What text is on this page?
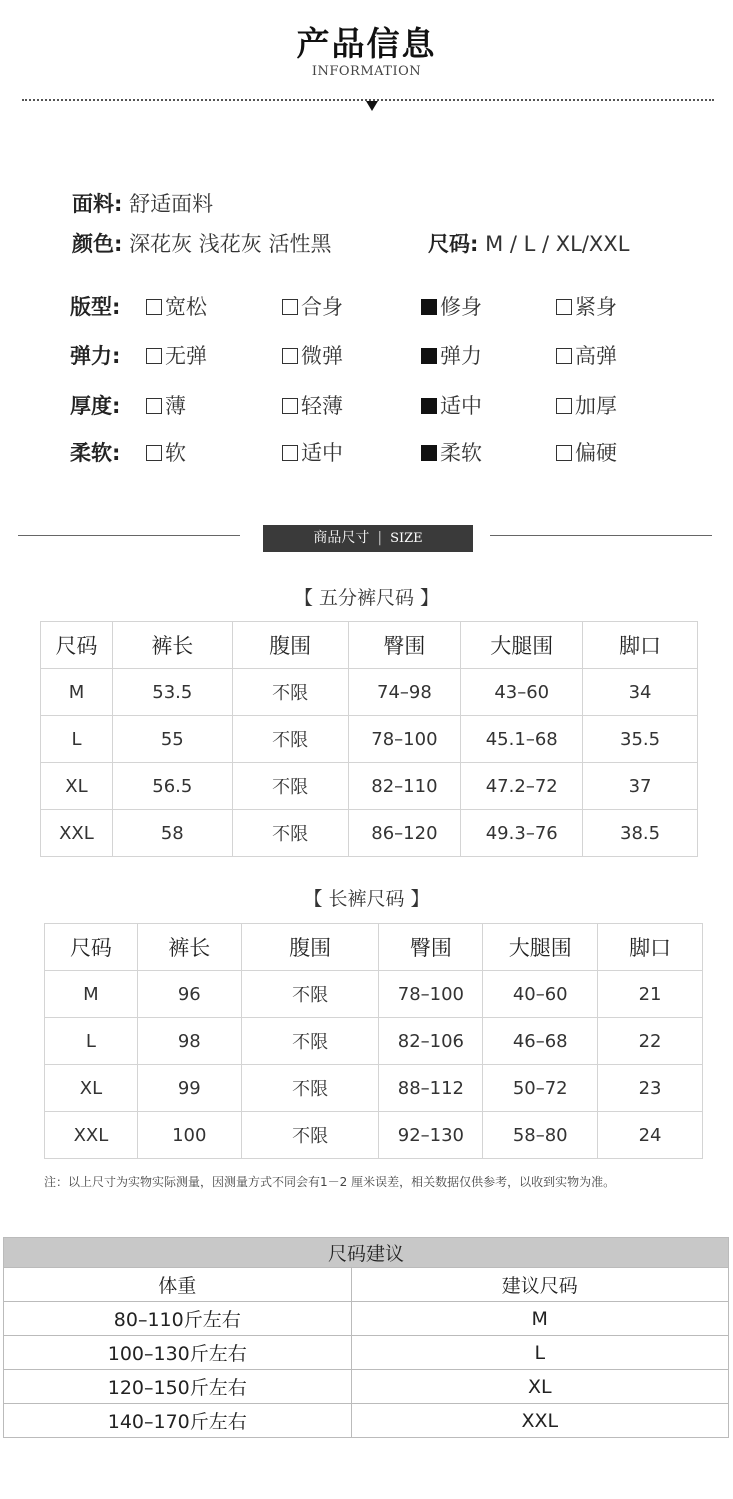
产品信息
INFORMATION
面料: 舒适面料
颜色: 深花灰 浅花灰 活性黑	尺码: M / L / XL/XXL
版型:	宽松	合身	修身	紧身
弹力:	无弹	微弹	弹力	高弹
厚度:	薄	轻薄	适中	加厚
柔软:	软	适中	柔软	偏硬
商品尺寸 | SIZE
【 五分裤尺码 】
尺码	裤长	腹围	臀围	大腿围	脚口
M	53.5	不限	74–98	43–60	34
L	55	不限	78–100	45.1–68	35.5
XL	56.5	不限	82–110	47.2–72	37
XXL	58	不限	86–120	49.3–76	38.5
【 长裤尺码 】
尺码	裤长	腹围	臀围	大腿围	脚口
M	96	不限	78–100	40–60	21
L	98	不限	82–106	46–68	22
XL	99	不限	88–112	50–72	23
XXL	100	不限	92–130	58–80	24
注：以上尺寸为实物实际测量，因测量方式不同会有1－2 厘米误差，相关数据仅供参考，以收到实物为准。
尺码建议	
体重	建议尺码
80–110斤左右	M
100–130斤左右	L
120–150斤左右	XL
140–170斤左右	XXL
